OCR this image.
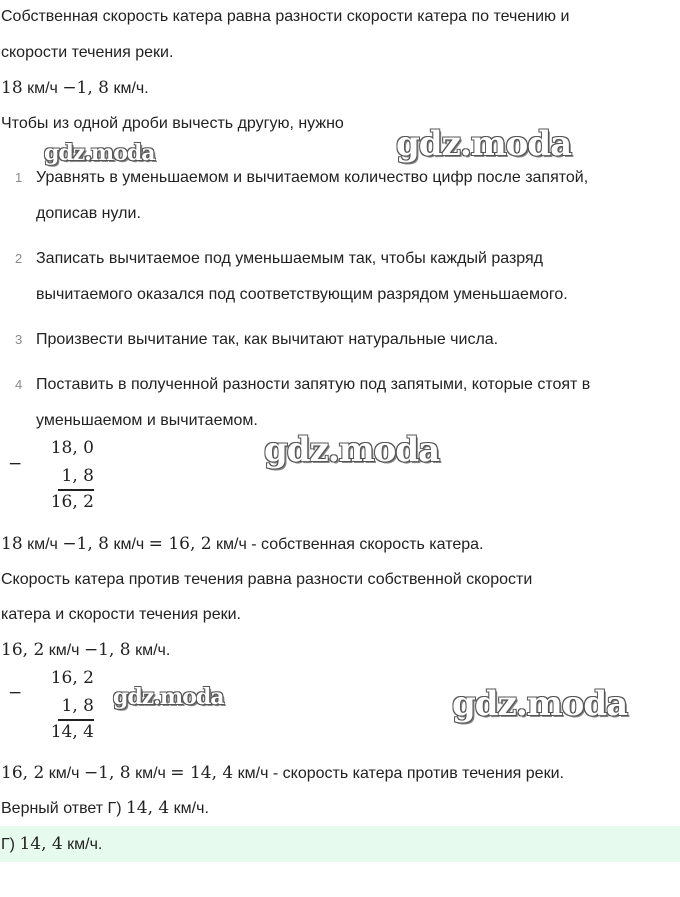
Собственная скорость катера равна разности скорости катера по течению и
скорости течения реки.
18 км/ч −1, 8 км/ч.
Чтобы из одной дроби вычесть другую, нужно
gdz.moda	gdz.moda
gdz.moda
gdz.moda	gdz.moda
1 Уравнять в уменьшаемом и вычитаемом количество цифр после запятой,
дописав нули.
2 Записать вычитаемое под уменьшаемым так, чтобы каждый разряд
вычитаемого оказался под соответствующим разрядом уменьшаемого.
3 Произвести вычитание так, как вычитают натуральные числа.
4 Поставить в полученной разности запятую под запятыми, которые стоят в
уменьшаемом и вычитаемом.
−
18, 0
1, 8
16, 2
18 км/ч −1, 8 км/ч = 16, 2 км/ч - собственная скорость катера.
Скорость катера против течения равна разности собственной скорости
катера и скорости течения реки.
16, 2 км/ч −1, 8 км/ч.
−
16, 2
1, 8
14, 4
16, 2 км/ч −1, 8 км/ч = 14, 4 км/ч - скорость катера против течения реки.
Верный ответ Г) 14, 4 км/ч.
Г) 14, 4 км/ч.
